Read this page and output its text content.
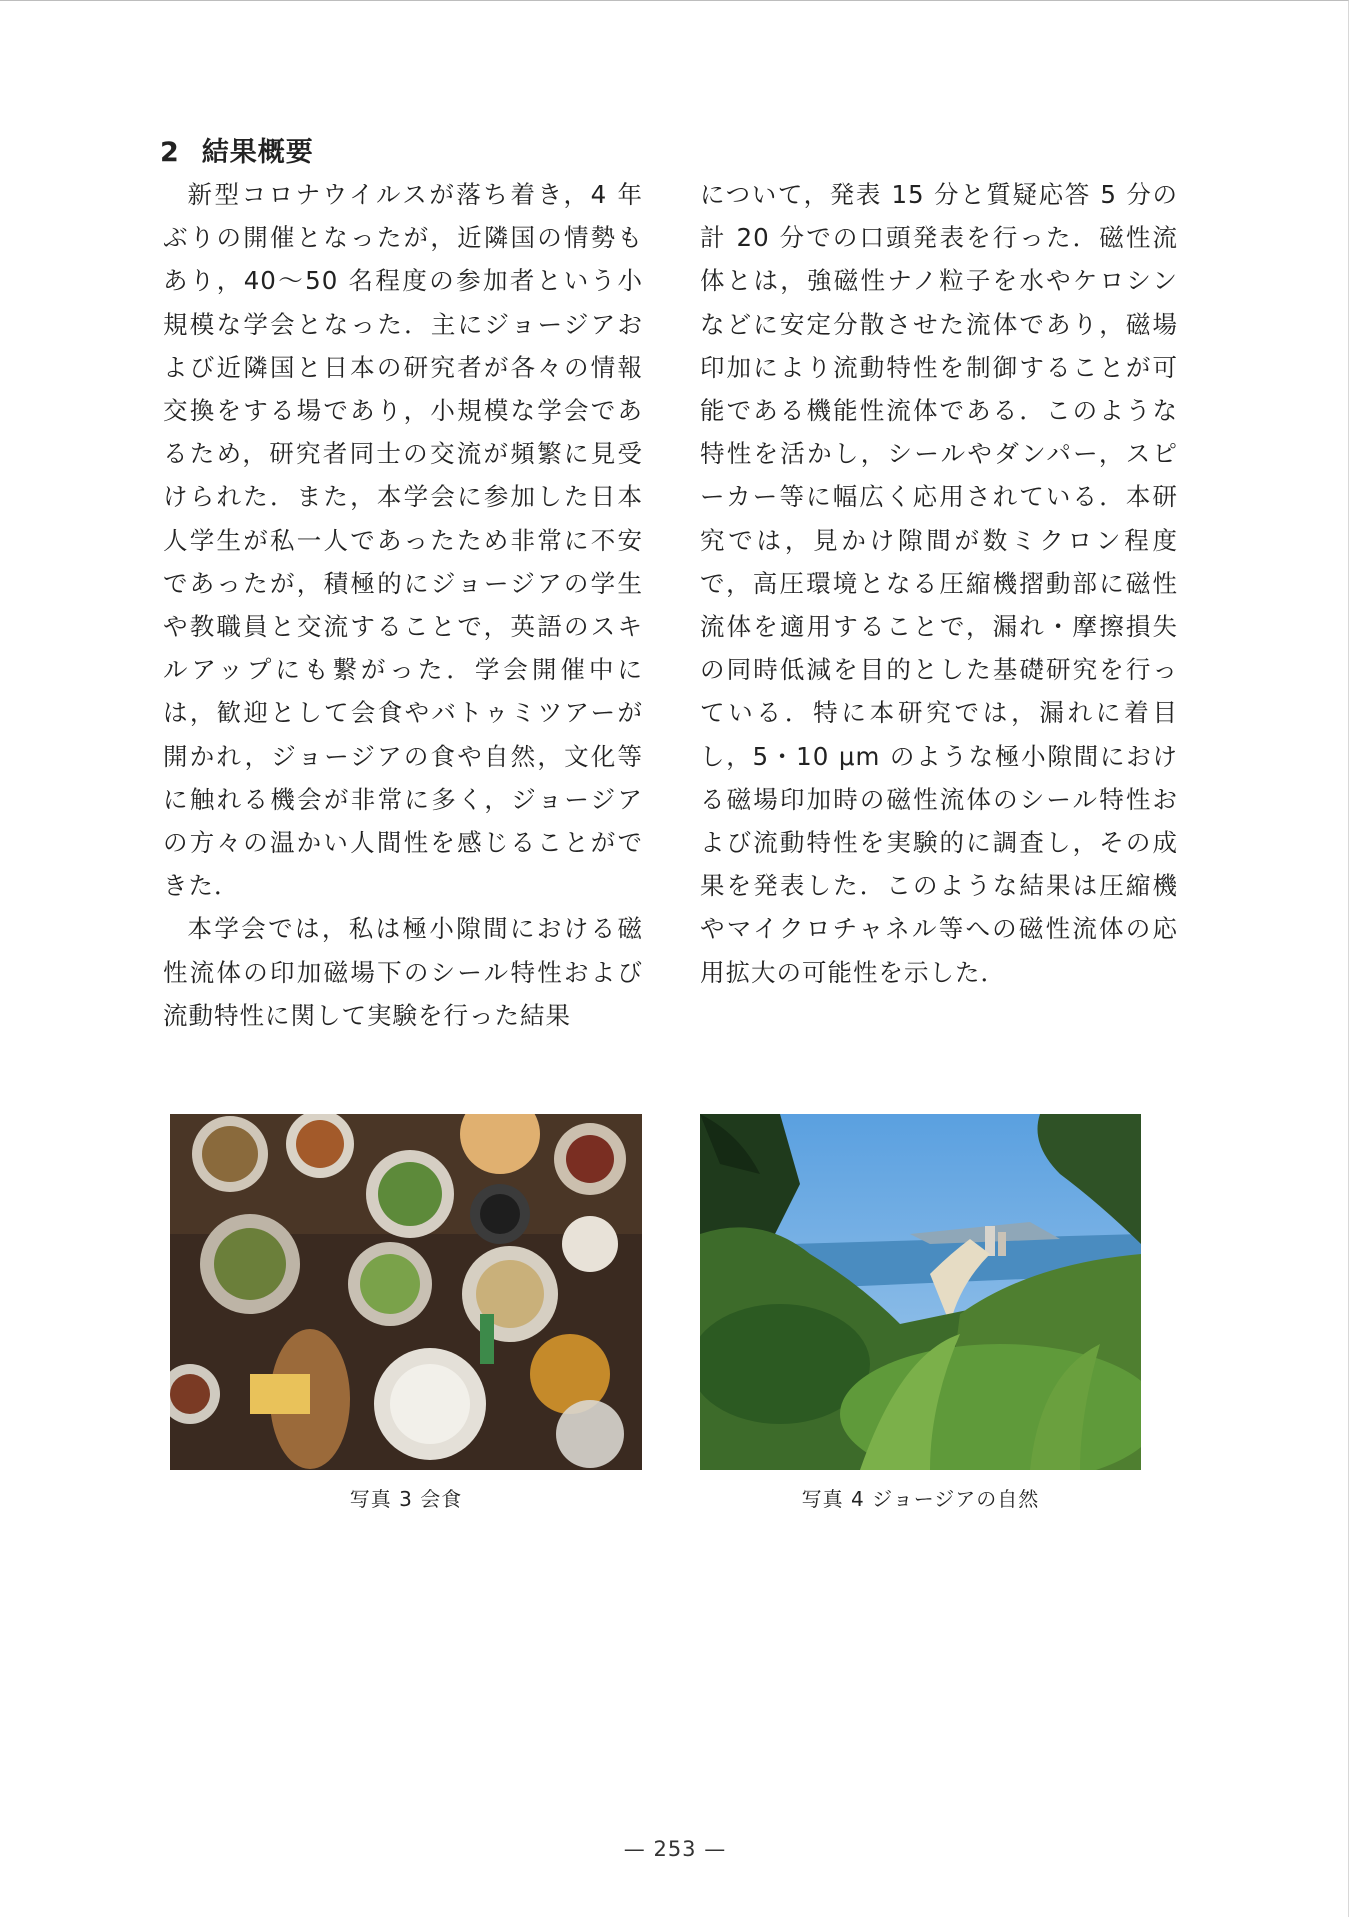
2 結果概要

新型コロナウイルスが落ち着き，4 年ぶりの開催となったが，近隣国の情勢もあり，40〜50 名程度の参加者という小規模な学会となった．主にジョージアおよび近隣国と日本の研究者が各々の情報交換をする場であり，小規模な学会であるため，研究者同士の交流が頻繁に見受けられた．また，本学会に参加した日本人学生が私一人であったため非常に不安であったが，積極的にジョージアの学生や教職員と交流することで，英語のスキルアップにも繋がった．学会開催中には，歓迎として会食やバトゥミツアーが開かれ，ジョージアの食や自然，文化等に触れる機会が非常に多く，ジョージアの方々の温かい人間性を感じることができた．

本学会では，私は極小隙間における磁性流体の印加磁場下のシール特性および流動特性に関して実験を行った結果

について，発表 15 分と質疑応答 5 分の計 20 分での口頭発表を行った．磁性流体とは，強磁性ナノ粒子を水やケロシンなどに安定分散させた流体であり，磁場印加により流動特性を制御することが可能である機能性流体である．このような特性を活かし，シールやダンパー，スピーカー等に幅広く応用されている．本研究では，見かけ隙間が数ミクロン程度で，高圧環境となる圧縮機摺動部に磁性流体を適用することで，漏れ・摩擦損失の同時低減を目的とした基礎研究を行っている．特に本研究では，漏れに着目し，5・10 μm のような極小隙間における磁場印加時の磁性流体のシール特性および流動特性を実験的に調査し，その成果を発表した．このような結果は圧縮機やマイクロチャネル等への磁性流体の応用拡大の可能性を示した．

写真 3 会食	写真 4 ジョージアの自然
— 253 —
